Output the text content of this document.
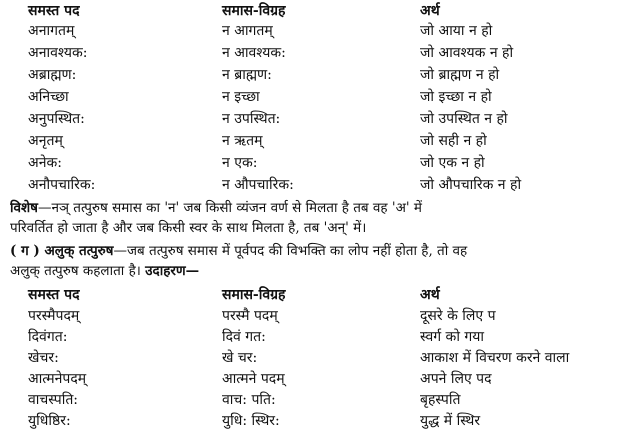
समस्त पद	समास-विग्रह	अर्थ
अनागतम्	न आगतम्	जो आया न हो
अनावश्यक:	न आवश्यक:	जो आवश्यक न हो
अब्राह्मण:	न ब्राह्मण:	जो ब्राह्मण न हो
अनिच्छा	न इच्छा	जो इच्छा न हो
अनुपस्थित:	न उपस्थित:	जो उपस्थित न हो
अनृतम्	न ऋतम्	जो सही न हो
अनेक:	न एक:	जो एक न हो
अनौपचारिक:	न औपचारिक:	जो औपचारिक न हो
विशेष—नञ् तत्पुरुष समास का 'न' जब किसी व्यंजन वर्ण से मिलता है तब वह 'अ' में
परिवर्तित हो जाता है और जब किसी स्वर के साथ मिलता है, तब 'अन्' में।
( ग ) अलुक् तत्पुरुष—जब तत्पुरुष समास में पूर्वपद की विभक्ति का लोप नहीं होता है, तो वह
अलुक् तत्पुरुष कहलाता है। उदाहरण—
समस्त पद	समास-विग्रह	अर्थ
परस्मैपदम्	परस्मै पदम्	दूसरे के लिए प
दिवंगत:	दिवं गत:	स्वर्ग को गया
खेचर:	खे चर:	आकाश में विचरण करने वाला
आत्मनेपदम्	आत्मने पदम्	अपने लिए पद
वाचस्पति:	वाच: पति:	बृहस्पति
युधिष्ठिर:	युधि: स्थिर:	युद्ध में स्थिर
